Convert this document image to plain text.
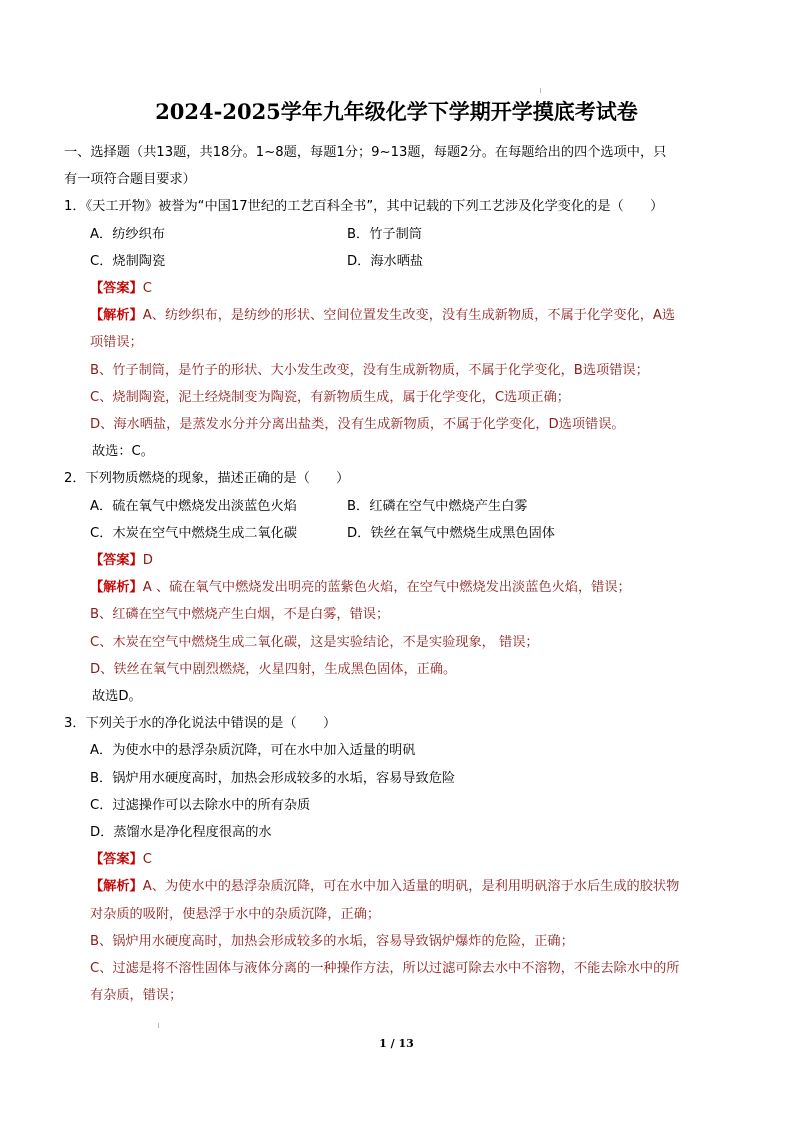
2024-2025学年九年级化学下学期开学摸底考试卷
一、选择题（共13题，共18分。1~8题，每题1分；9~13题，每题2分。在每题给出的四个选项中，只
有一项符合题目要求）
1．《天工开物》被誉为“中国17世纪的工艺百科全书”，其中记载的下列工艺涉及化学变化的是（　　）
A．纺纱织布	B．竹子制筒
C．烧制陶瓷	D．海水晒盐
【答案】C
【解析】A、纺纱织布，是纺纱的形状、空间位置发生改变，没有生成新物质，不属于化学变化，A选
项错误；
B、竹子制筒，是竹子的形状、大小发生改变，没有生成新物质，不属于化学变化，B选项错误；
C、烧制陶瓷，泥土经烧制变为陶瓷，有新物质生成，属于化学变化，C选项正确；
D、海水晒盐，是蒸发水分并分离出盐类，没有生成新物质，不属于化学变化，D选项错误。
故选：C。
2．下列物质燃烧的现象，描述正确的是（　　）
A．硫在氧气中燃烧发出淡蓝色火焰	B．红磷在空气中燃烧产生白雾
C．木炭在空气中燃烧生成二氧化碳	D．铁丝在氧气中燃烧生成黑色固体
【答案】D
【解析】A 、硫在氧气中燃烧发出明亮的蓝紫色火焰，在空气中燃烧发出淡蓝色火焰，错误；
B、红磷在空气中燃烧产生白烟，不是白雾，错误；
C、木炭在空气中燃烧生成二氧化碳，这是实验结论，不是实验现象， 错误；
D、铁丝在氧气中剧烈燃烧，火星四射，生成黑色固体，正确。
故选D。
3．下列关于水的净化说法中错误的是（　　）
A．为使水中的悬浮杂质沉降，可在水中加入适量的明矾
B．锅炉用水硬度高时，加热会形成较多的水垢，容易导致危险
C．过滤操作可以去除水中的所有杂质
D．蒸馏水是净化程度很高的水
【答案】C
【解析】A、为使水中的悬浮杂质沉降，可在水中加入适量的明矾，是利用明矾溶于水后生成的胶状物
对杂质的吸附，使悬浮于水中的杂质沉降，正确；
B、锅炉用水硬度高时，加热会形成较多的水垢，容易导致锅炉爆炸的危险，正确；
C、过滤是将不溶性固体与液体分离的一种操作方法，所以过滤可除去水中不溶物，不能去除水中的所
有杂质，错误；
1 / 13
